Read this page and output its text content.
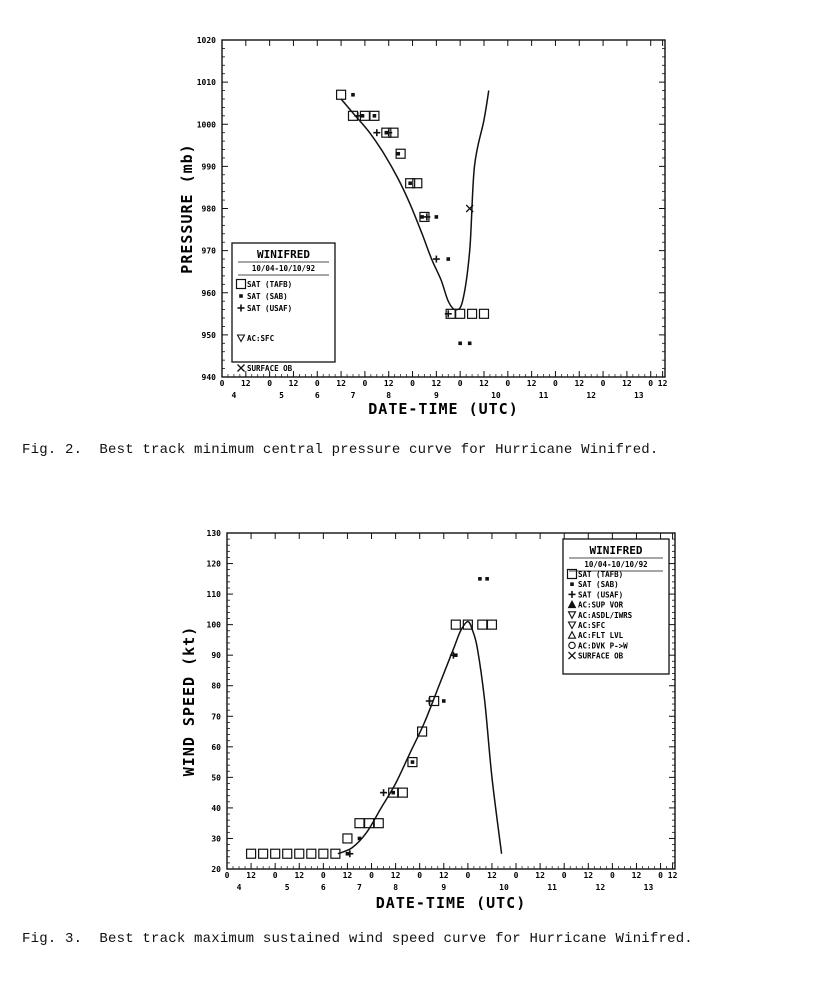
940
950
960
970
980
990
1000
1010
1020
0 12 0 12 0 12 0 12 0 12 0 12 0 12 0 12 0 12 0 12
4	5	6	7	8	9	10	11	12	13
DATE-TIME (UTC)
PRESSURE (mb)	WINIFRED
10/04-10/10/92
SAT (TAFB)
SAT (SAB)
SAT (USAF)
AC:SFC
SURFACE OB
20
30
40
50
60
70
80
90
100
110
120
130
0 12 0 12 0 12 0 12 0 12 0 12 0 12 0 12 0 12 0 12
4	5	6	7	8	9	10	11	12	13
DATE-TIME (UTC)
WIND SPEED (kt)
WINIFRED
10/04-10/10/92
SAT (TAFB)
SAT (SAB)
SAT (USAF)
AC:SUP VOR
AC:ASDL/IWRS
AC:SFC
AC:FLT LVL
AC:DVK P->W
SURFACE OB
Fig. 2.  Best track minimum central pressure curve for Hurricane Winifred.
Fig. 3.  Best track maximum sustained wind speed curve for Hurricane Winifred.
